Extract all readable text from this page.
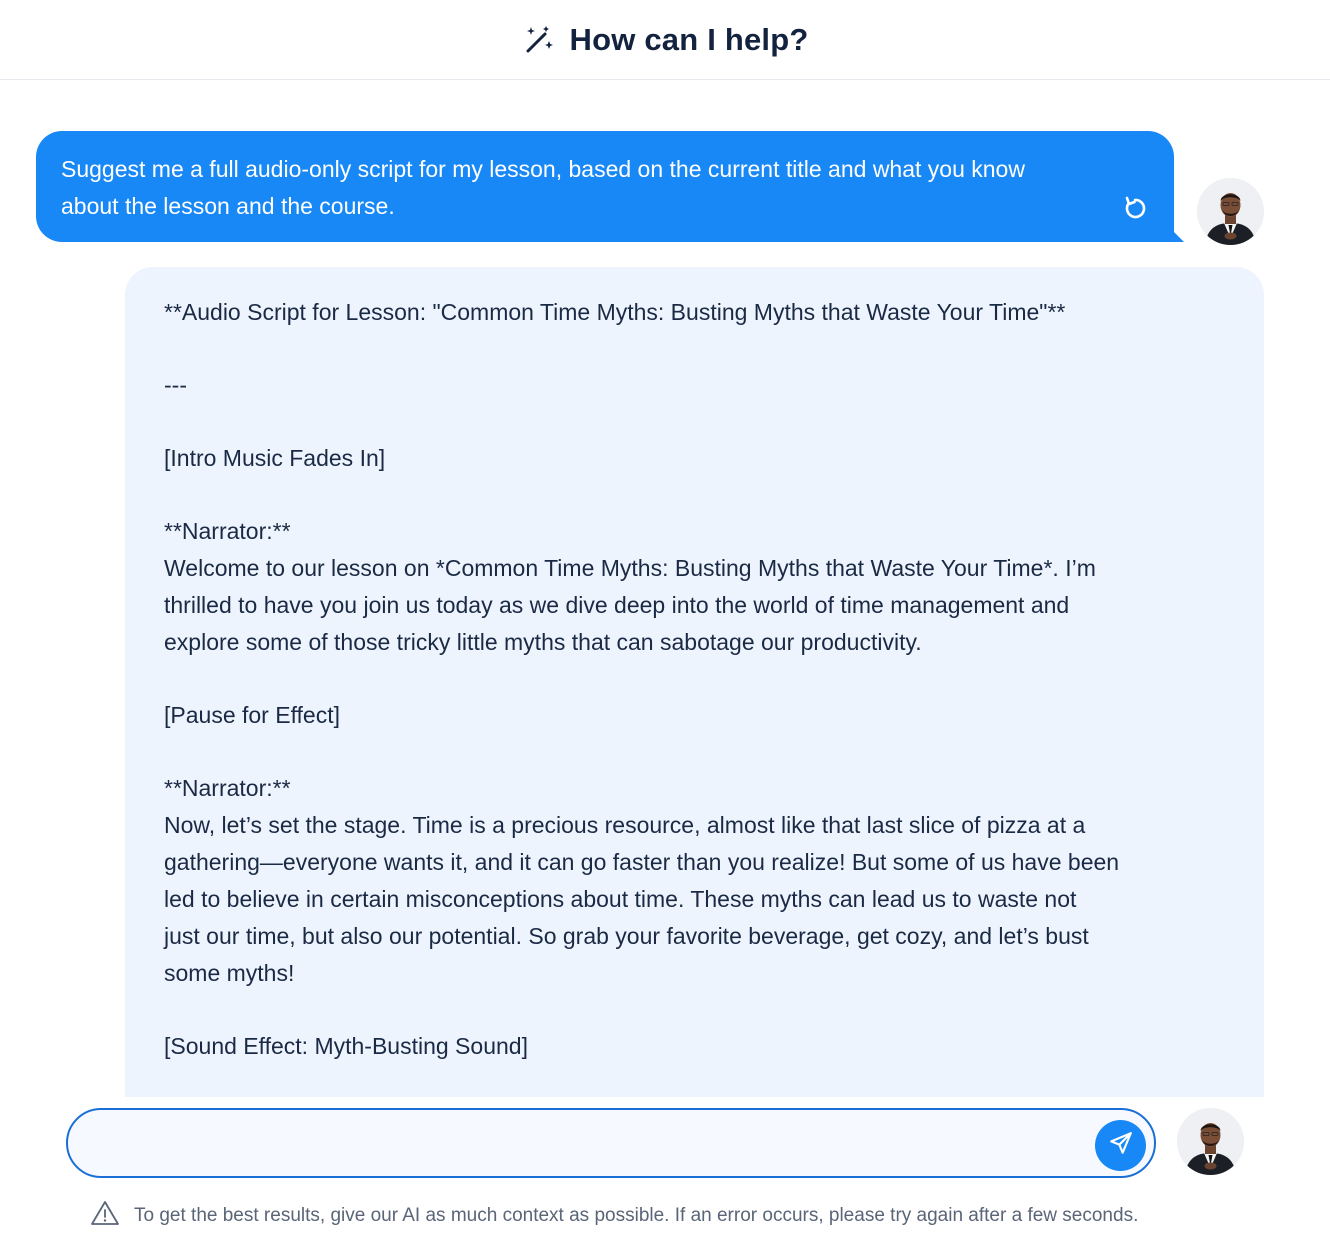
How can I help?
Suggest me a full audio-only script for my lesson, based on the current title and what you know about the lesson and the course.

**Audio Script for Lesson: "Common Time Myths: Busting Myths that Waste Your Time"**

---

[Intro Music Fades In]

**Narrator:**

Welcome to our lesson on *Common Time Myths: Busting Myths that Waste Your Time*. I’m

thrilled to have you join us today as we dive deep into the world of time management and

explore some of those tricky little myths that can sabotage our productivity.

[Pause for Effect]

**Narrator:**

Now, let’s set the stage. Time is a precious resource, almost like that last slice of pizza at a

gathering—everyone wants it, and it can go faster than you realize! But some of us have been

led to believe in certain misconceptions about time. These myths can lead us to waste not

just our time, but also our potential. So grab your favorite beverage, get cozy, and let’s bust

some myths!

[Sound Effect: Myth-Busting Sound]

To get the best results, give our AI as much context as possible. If an error occurs, please try again after a few seconds.
